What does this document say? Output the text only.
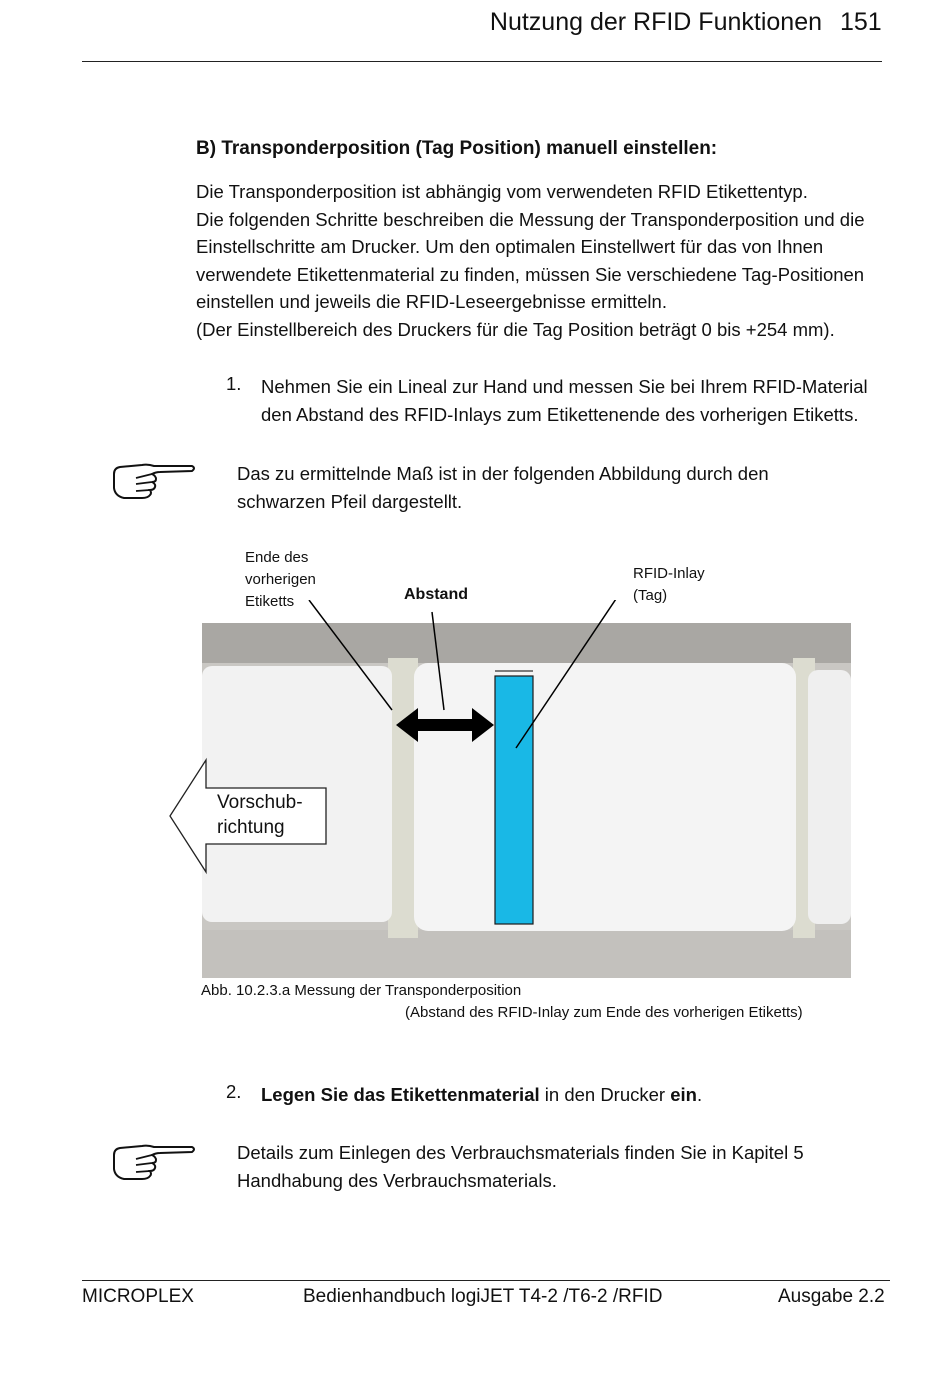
Nutzung der RFID Funktionen 151
B) Transponderposition (Tag Position) manuell einstellen:
Die Transponderposition ist abhängig vom verwendeten RFID Etikettentyp.
Die folgenden Schritte beschreiben die Messung der Transponderposition und die
Einstellschritte am Drucker. Um den optimalen Einstellwert für das von Ihnen
verwendete Etikettenmaterial zu finden, müssen Sie verschiedene Tag-Positionen
einstellen und jeweils die RFID-Leseergebnisse ermitteln.
(Der Einstellbereich des Druckers für die Tag Position beträgt 0 bis +254 mm).
1. Nehmen Sie ein Lineal zur Hand und messen Sie bei Ihrem RFID-Material
den Abstand des RFID-Inlays zum Etikettenende des vorherigen Etiketts.
Das zu ermittelnde Maß ist in der folgenden Abbildung durch den
schwarzen Pfeil dargestellt.
Ende des
vorherigen
Etiketts	Abstand
RFID-Inlay
(Tag)
Vorschub-
richtung
Abb. 10.2.3.a Messung der Transponderposition
(Abstand des RFID-Inlay zum Ende des vorherigen Etiketts)
2. Legen Sie das Etikettenmaterial in den Drucker ein.
Details zum Einlegen des Verbrauchsmaterials finden Sie in Kapitel 5
Handhabung des Verbrauchsmaterials.
MICROPLEX	Bedienhandbuch logiJET T4-2 /T6-2 /RFID	Ausgabe 2.2
